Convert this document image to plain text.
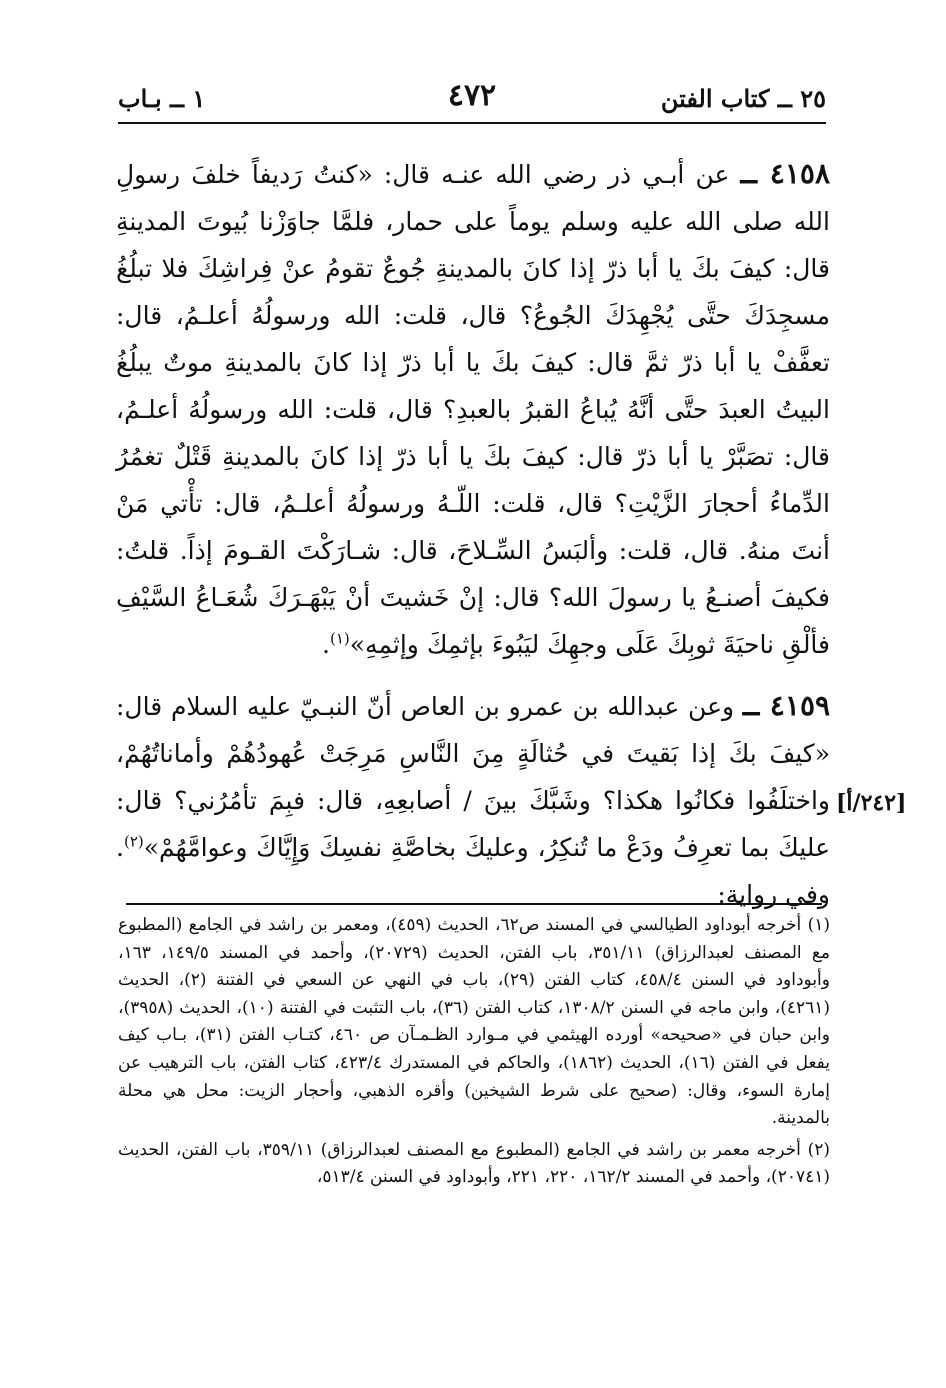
٢٥ ــ كتاب الفتن
٤٧٢
١ ــ بـاب

٤١٥٨ ــ عن أبـي ذر رضي الله عنـه قال: «كنتُ رَديفاً خلفَ رسولِ الله صلى الله عليه وسلم يوماً على حمار، فلمَّا جاوَزْنا بُيوتَ المدينةِ قال: كيفَ بكَ يا أبا ذرّ إذا كانَ بالمدينةِ جُوعٌ تقومُ عنْ فِراشِكَ فلا تبلُغُ مسجِدَكَ حتَّى يُجْهِدَكَ الجُوعُ؟ قال، قلت: الله ورسولُهُ أعلـمُ، قال: تعفَّفْ يا أبا ذرّ ثمَّ قال: كيفَ بكَ يا أبا ذرّ إذا كانَ بالمدينةِ موتٌ يبلُغُ البيتُ العبدَ حتَّى أنَّهُ يُباعُ القبرُ بالعبدِ؟ قال، قلت: الله ورسولُهُ أعلـمُ، قال: تصَبَّرْ يا أبا ذرّ قال: كيفَ بكَ يا أبا ذرّ إذا كانَ بالمدينةِ قَتْلٌ تغمُرُ الدِّماءُ أحجارَ الزَّيْتِ؟ قال، قلت: اللّـهُ ورسولُهُ أعلـمُ، قال: تأْتي مَنْ أنتَ منهُ. قال، قلت: وألبَسُ السِّـلاحَ، قال: شـارَكْتَ القـومَ إذاً. قلتُ: فكيفَ أصنـعُ يا رسولَ الله؟ قال: إنْ خَشيتَ أنْ يَبْهَـرَكَ شُعَـاعُ السَّيْفِ فألْقِ ناحيَةَ ثوبِكَ عَلَى وجهِكَ ليَبُوءَ بإثمِكَ وإثمِهِ»$^{(١)}$.

٤١٥٩ ــ وعن عبدالله بن عمرو بن العاص أنّ النبـيّ عليه السلام قال: «كيفَ بكَ إذا بَقيتَ في حُثالَةٍ مِنَ النَّاسِ مَرِجَتْ عُهودُهُمْ وأماناتُهُمْ، واختلَفُوا فكانُوا هكذا؟ وشَبَّكَ بينَ / أصابعِهِ، قال: فبِمَ تأمُرُني؟ قال: عليكَ بما تعرِفُ ودَعْ ما تُنكِرُ، وعليكَ بخاصَّةِ نفسِكَ وَإِيَّاكَ وعوامَّهُمْ»$^{(٢)}$. وفي رواية:

[٢٤٢/أ]

(١) أخرجه أبوداود الطيالسي في المسند ص٦٢، الحديث (٤٥٩)، ومعمر بن راشد في الجامع (المطبوع مع المصنف لعبدالرزاق) ٣٥١/١١، باب الفتن، الحديث (٢٠٧٢٩)، وأحمد في المسند ١٤٩/٥، ١٦٣، وأبوداود في السنن ٤٥٨/٤، كتاب الفتن (٢٩)، باب في النهي عن السعي في الفتنة (٢)، الحديث (٤٢٦١)، وابن ماجه في السنن ١٣٠٨/٢، كتاب الفتن (٣٦)، باب التثبت في الفتنة (١٠)، الحديث (٣٩٥٨)، وابن حبان في «صحيحه» أورده الهيثمي في مـوارد الظـمـآن ص ٤٦٠، كتـاب الفتن (٣١)، بـاب كيف يفعل في الفتن (١٦)، الحديث (١٨٦٢)، والحاكم في المستدرك ٤٢٣/٤، كتاب الفتن، باب الترهيب عن إمارة السوء، وقال: (صحيح على شرط الشيخين) وأقره الذهبي، وأحجار الزيت: محل هي محلة بالمدينة.

(٢) أخرجه معمر بن راشد في الجامع (المطبوع مع المصنف لعبدالرزاق) ٣٥٩/١١، باب الفتن، الحديث (٢٠٧٤١)، وأحمد في المسند ١٦٢/٢، ٢٢٠، ٢٢١، وأبوداود في السنن ٥١٣/٤،
